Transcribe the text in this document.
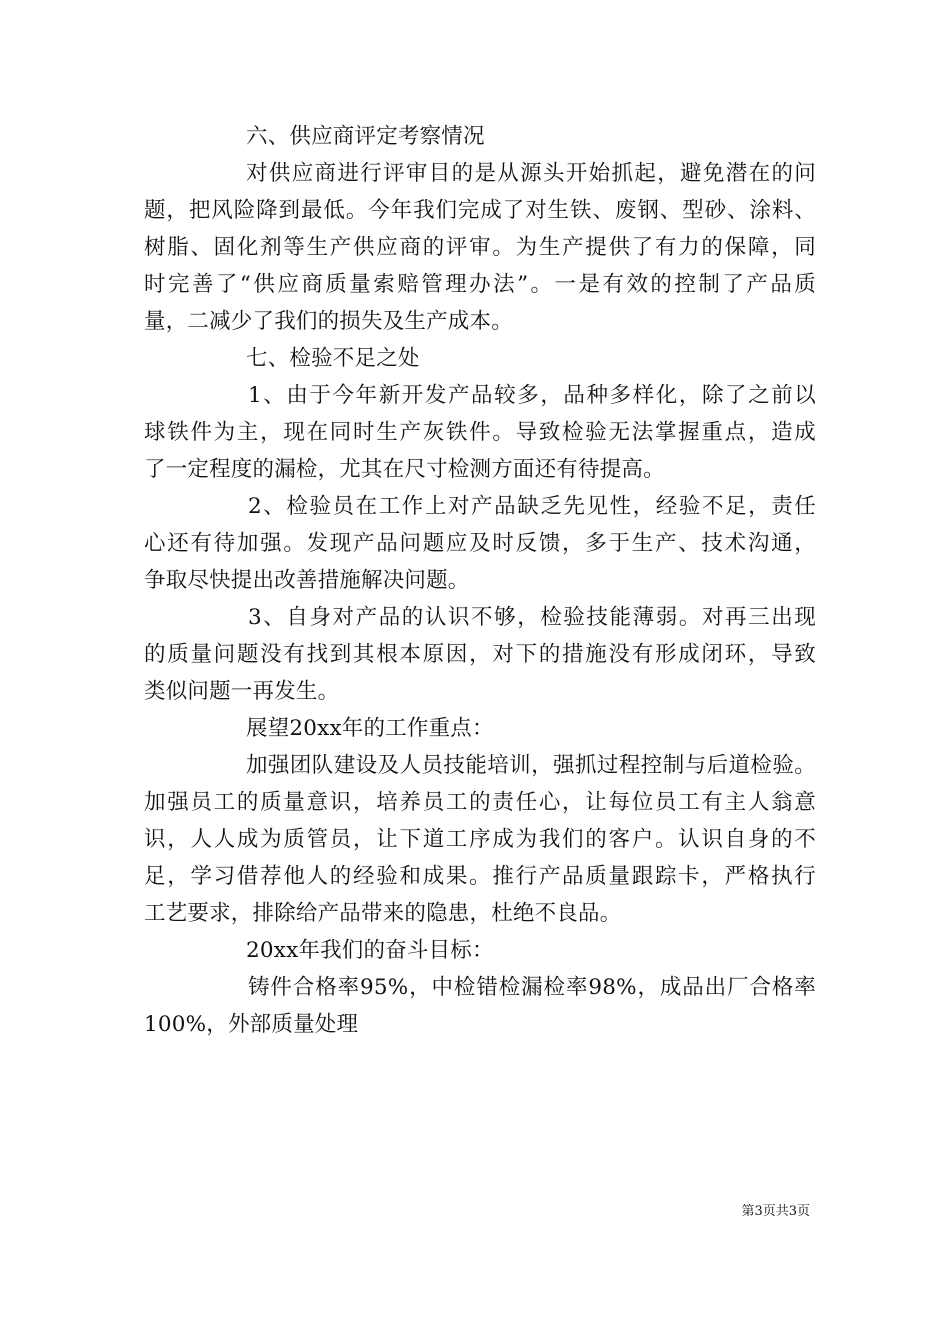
六、供应商评定考察情况
对供应商进行评审目的是从源头开始抓起，避免潜在的问
题，把风险降到最低。今年我们完成了对生铁、废钢、型砂、涂料、
树脂、固化剂等生产供应商的评审。为生产提供了有力的保障，同
时完善了“供应商质量索赔管理办法”。一是有效的控制了产品质
量，二减少了我们的损失及生产成本。
七、检验不足之处
1、由于今年新开发产品较多，品种多样化，除了之前以
球铁件为主，现在同时生产灰铁件。导致检验无法掌握重点，造成
了一定程度的漏检，尤其在尺寸检测方面还有待提高。
2、检验员在工作上对产品缺乏先见性，经验不足，责任
心还有待加强。发现产品问题应及时反馈，多于生产、技术沟通，
争取尽快提出改善措施解决问题。
3、自身对产品的认识不够，检验技能薄弱。对再三出现
的质量问题没有找到其根本原因，对下的措施没有形成闭环，导致
类似问题一再发生。
展望20xx年的工作重点：
加强团队建设及人员技能培训，强抓过程控制与后道检验。
加强员工的质量意识，培养员工的责任心，让每位员工有主人翁意
识，人人成为质管员，让下道工序成为我们的客户。认识自身的不
足，学习借荐他人的经验和成果。推行产品质量跟踪卡，严格执行
工艺要求，排除给产品带来的隐患，杜绝不良品。
20xx年我们的奋斗目标：
铸件合格率95%，中检错检漏检率98%，成品出厂合格率
100%，外部质量处理
第3页共3页
